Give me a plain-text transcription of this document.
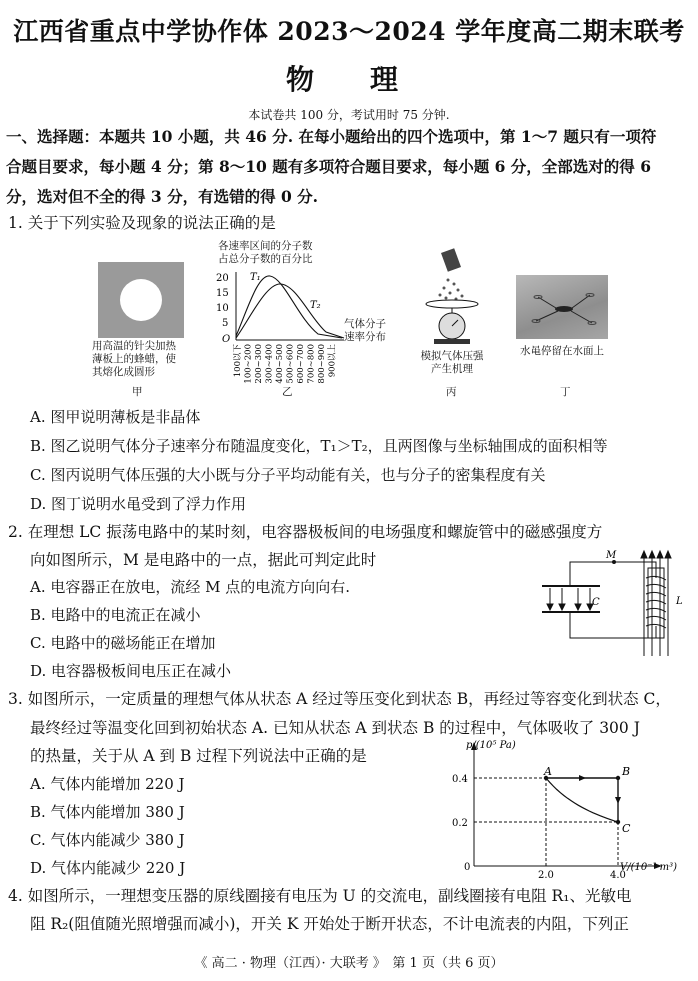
江西省重点中学协作体 2023～2024 学年度高二期末联考
物　理
本试卷共 100 分，考试用时 75 分钟.
一、选择题：本题共 10 小题，共 46 分. 在每小题给出的四个选项中，第 1～7 题只有一项符
合题目要求，每小题 4 分；第 8～10 题有多项符合题目要求，每小题 6 分，全部选对的得 6
分，选对但不全的得 3 分，有选错的得 0 分.
1. 关于下列实验及现象的说法正确的是
用高温的针尖加热
薄板上的蜂蜡，使
其熔化成圆形
甲
各速率区间的分子数
占总分子数的百分比
20
15
10
5
O
T₁
T₂
100以下 100~200 200~300 300~400 400~500 500~600 600~700 700~800 800~900 900以上
气体分子
速率分布
乙
模拟气体压强
产生机理
丙
水黾停留在水面上
丁
A. 图甲说明薄板是非晶体
B. 图乙说明气体分子速率分布随温度变化，T₁＞T₂，且两图像与坐标轴围成的面积相等
C. 图丙说明气体压强的大小既与分子平均动能有关，也与分子的密集程度有关
D. 图丁说明水黾受到了浮力作用
2. 在理想 LC 振荡电路中的某时刻，电容器极板间的电场强度和螺旋管中的磁感强度方
向如图所示，M 是电路中的一点，据此可判定此时
A. 电容器正在放电，流经 M 点的电流方向向右.
B. 电路中的电流正在减小
C. 电路中的磁场能正在增加
D. 电容器极板间电压正在减小
C
M
L
3. 如图所示，一定质量的理想气体从状态 A 经过等压变化到状态 B，再经过等容变化到状态 C，
最终经过等温变化回到初始状态 A. 已知从状态 A 到状态 B 的过程中，气体吸收了 300 J
的热量，关于从 A 到 B 过程下列说法中正确的是
A. 气体内能增加 220 J
B. 气体内能增加 380 J
C. 气体内能减少 380 J
D. 气体内能减少 220 J
p/(10⁵ Pa)
V/(10⁻³ m³)
0
2.0	4.0
0.4
0.2
A	B
C
4. 如图所示，一理想变压器的原线圈接有电压为 U 的交流电，副线圈接有电阻 R₁、光敏电
阻 R₂(阻值随光照增强而减小)，开关 K 开始处于断开状态，不计电流表的内阻，下列正
《 高二 · 物理（江西）· 大联考 》　第 1 页（共 6 页）
